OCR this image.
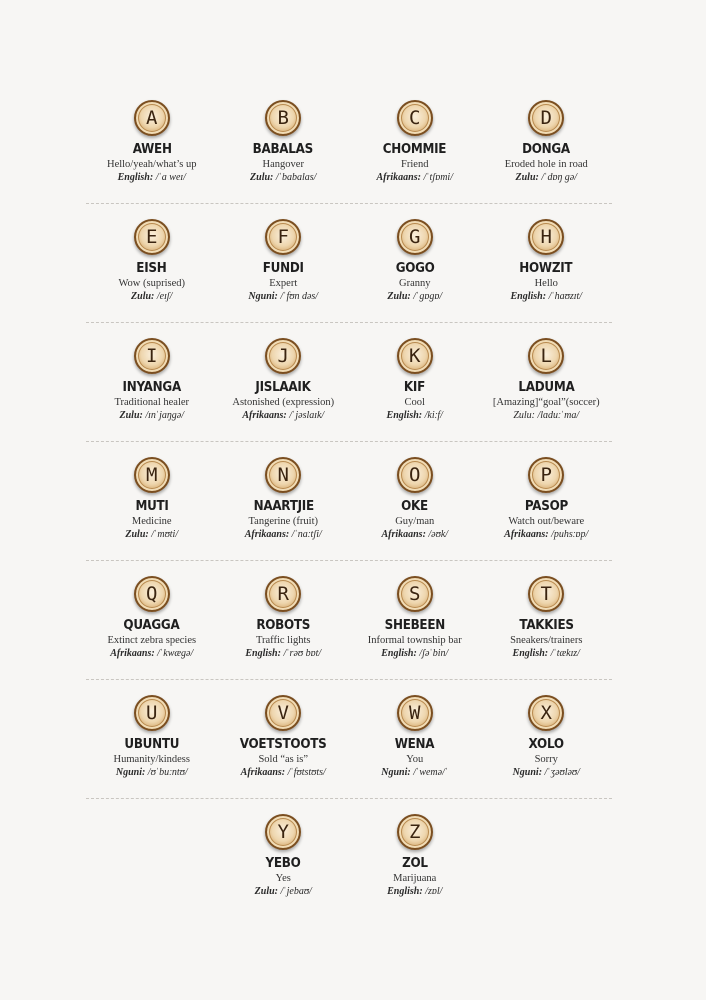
A
AWEH
Hello/yeah/what’s up
English: /ˈa weɪ/
B
BABALAS
Hangover
Zulu: /ˈbabalas/
C
CHOMMIE
Friend
Afrikaans: /ˈtʃɒmi/
D
DONGA
Eroded hole in road
Zulu: /ˈdɒŋ gə/
E
EISH
Wow (suprised)
Zulu: /eɪʃ/
F
FUNDI
Expert
Nguni: /ˈfʊn dəs/
G
GOGO
Granny
Zulu: /ˈgɒgɒ/
H
HOWZIT
Hello
English: /ˈhaʊzɪt/
I
INYANGA
Traditional healer
Zulu: /ɪnˈjaŋgə/
J
JISLAAIK
Astonished (expression)
Afrikaans: /ˈjəslaɪk/
K
KIF
Cool
English: /kiːf/
L
LADUMA
[Amazing]“goal”(soccer)
Zulu: /lɑduːˈma/
M
MUTI
Medicine
Zulu: /ˈmʊti/
N
NAARTJIE
Tangerine (fruit)
Afrikaans: /ˈnaːtʃi/
O
OKE
Guy/man
Afrikaans: /əʊk/
P
PASOP
Watch out/beware
Afrikaans: /puhsːɒp/
Q
QUAGGA
Extinct zebra species
Afrikaans: /ˈkwægə/
R
ROBOTS
Traffic lights
English: /ˈrəʊ bɒt/
S
SHEBEEN
Informal township bar
English: /ʃəˈbin/
T
TAKKIES
Sneakers/trainers
English: /ˈtækɪz/
U
UBUNTU
Humanity/kindess
Nguni: /ʊˈbuːntʊ/
V
VOETSTOOTS
Sold “as is”
Afrikaans: /ˈfʊtstʊts/
W
WENA
You
Nguni: /ˈwemə/ˈ
X
XOLO
Sorry
Nguni: /ˈʒəʊləʊ/
Y
YEBO
Yes
Zulu: /ˈjebaʊ/
Z
ZOL
Marijuana
English: /zɒl/
